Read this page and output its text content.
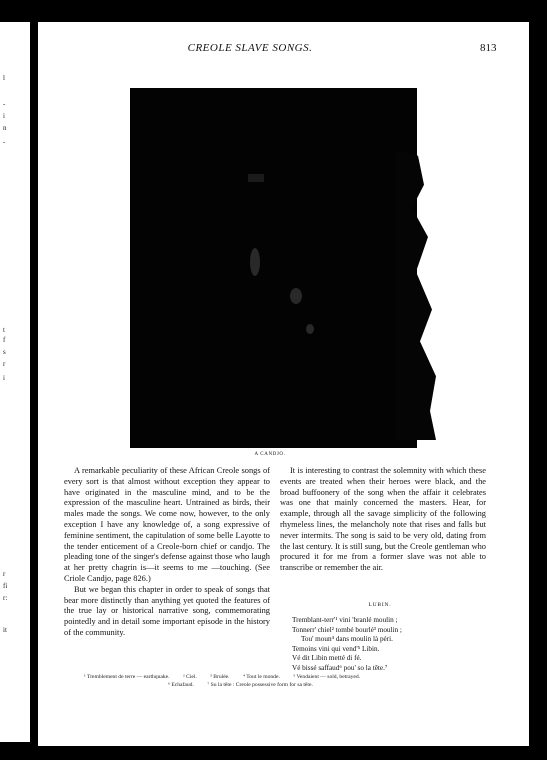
l
-
i
n
-
t
f
s
r
i
r
fi
r:
it
CREOLE SLAVE SONGS.	813
A CANDJO.

A remarkable peculiarity of these African Creole songs of every sort is that almost without exception they appear to have originated in the masculine mind, and to be the expression of the masculine heart. Untrained as birds, their males made the songs. We come now, however, to the only exception I have any knowledge of, a song expressive of feminine sentiment, the capitulation of some belle Layotte to the tender enticement of a Creole-born chief or candjo. The pleading tone of the singer's defense against those who laugh at her pretty chagrin is—it seems to me —touching. (See Criole Candjo, page 826.)

But we began this chapter in order to speak of songs that bear more distinctly than anything yet quoted the features of the true lay or historical narrative song, commemorating pointedly and in detail some important episode in the history of the community.

It is interesting to contrast the solemnity with which these events are treated when their heroes were black, and the broad buffoonery of the song when the affair it celebrates was one that mainly concerned the masters. Hear, for example, through all the savage simplicity of the following rhymeless lines, the melancholy note that rises and falls but never intermits. The song is said to be very old, dating from the last century. It is still sung, but the Creole gentleman who procured it for me from a former slave was not able to transcribe or remember the air.

LUBIN.
Tremblant-terr'¹ vini 'branlé moulin ;
Tonnerr' chiel² tombé bourlé³ moulin ;
Tou' moun⁴ dans moulin là péri.
Temoins vini qui vend'⁵ Libin.
Vé dit Libin metté di fé.
Vé bissé saffaud⁶ pou' so la tête.⁷
¹ Tremblement de terre — earthquake. ² Ciel. ³ Brulée. ⁴ Tout le monde. ⁵ Vendaient — sold, betrayed.
⁶ Echafaud. ⁷ Su la tête : Creole possessive form for sa tête.
